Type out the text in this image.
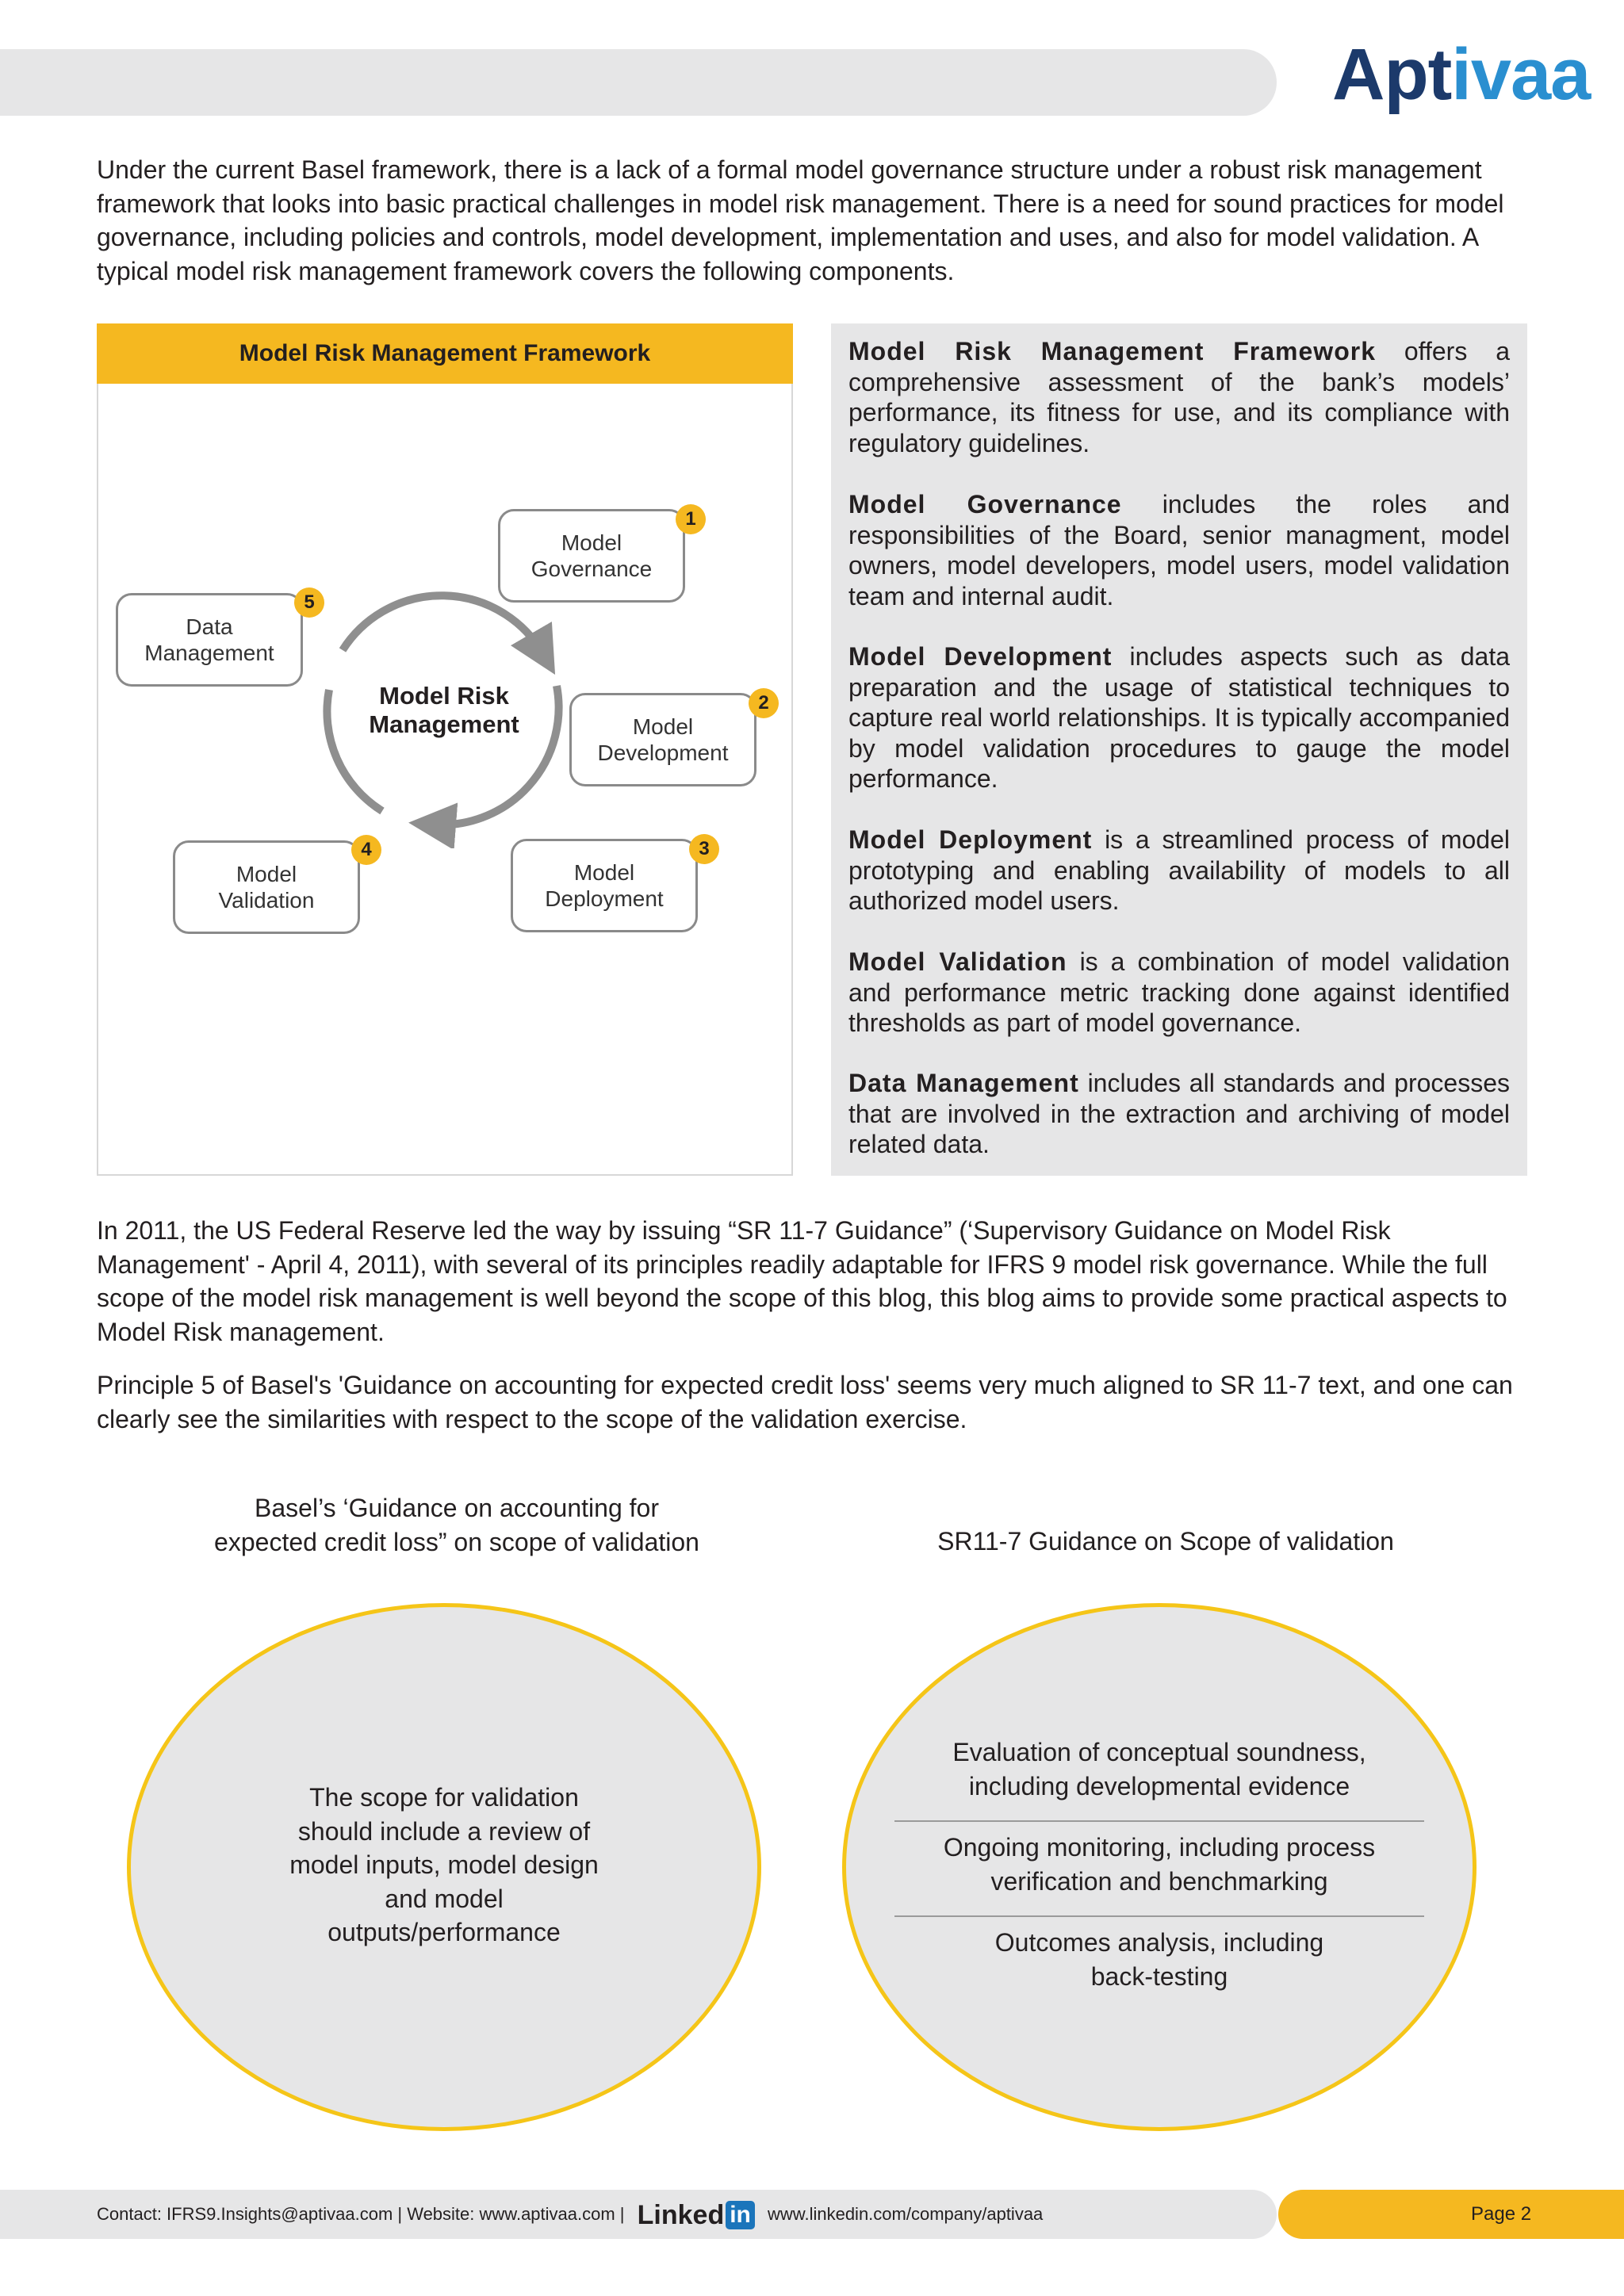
Aptivaa

Under the current Basel framework, there is a lack of a formal model governance structure under a robust risk management framework that looks into basic practical challenges in model risk management. There is a need for sound practices for model governance, including policies and controls, model development, implementation and uses, and also for model validation. A typical model risk management framework covers the following components.

Model Risk Management Framework
Model Risk
Management
Model
Governance
1
Model
Development
2
Model
Deployment
3
Model
Validation
4
Data
Management
5

Model Risk Management Framework offers a comprehensive assessment of the bank’s models’ performance, its fitness for use, and its compliance with regulatory guidelines.

Model Governance includes the roles and responsibilities of the Board, senior managment, model owners, model developers, model users, model validation team and internal audit.

Model Development includes aspects such as data preparation and the usage of statistical techniques to capture real world relationships. It is typically accompanied by model validation procedures to gauge the model performance.

Model Deployment is a streamlined process of model prototyping and enabling availability of models to all authorized model users.

Model Validation is a combination of model validation and performance metric tracking done against identified thresholds as part of model governance.

Data Management includes all standards and processes that are involved in the extraction and archiving of model related data.

In 2011, the US Federal Reserve led the way by issuing “SR 11-7 Guidance” (‘Supervisory Guidance on Model Risk Management' - April 4, 2011), with several of its principles readily adaptable for IFRS 9 model risk governance. While the full scope of the model risk management is well beyond the scope of this blog, this blog aims to provide some practical aspects to Model Risk management.

Principle 5 of Basel's 'Guidance on accounting for expected credit loss' seems very much aligned to SR 11-7 text, and one can clearly see the similarities with respect to the scope of the validation exercise.

Basel’s ‘Guidance on accounting for
expected credit loss” on scope of validation	SR11-7 Guidance on Scope of validation
The scope for validation
should include a review of
model inputs, model design
and model
outputs/performance
Evaluation of conceptual soundness,
including developmental evidence
Ongoing monitoring, including process
verification and benchmarking
Outcomes analysis, including
back-testing
Contact: IFRS9.Insights@aptivaa.com | Website: www.aptivaa.com | Linked in www.linkedin.com/company/aptivaa	Page 2
